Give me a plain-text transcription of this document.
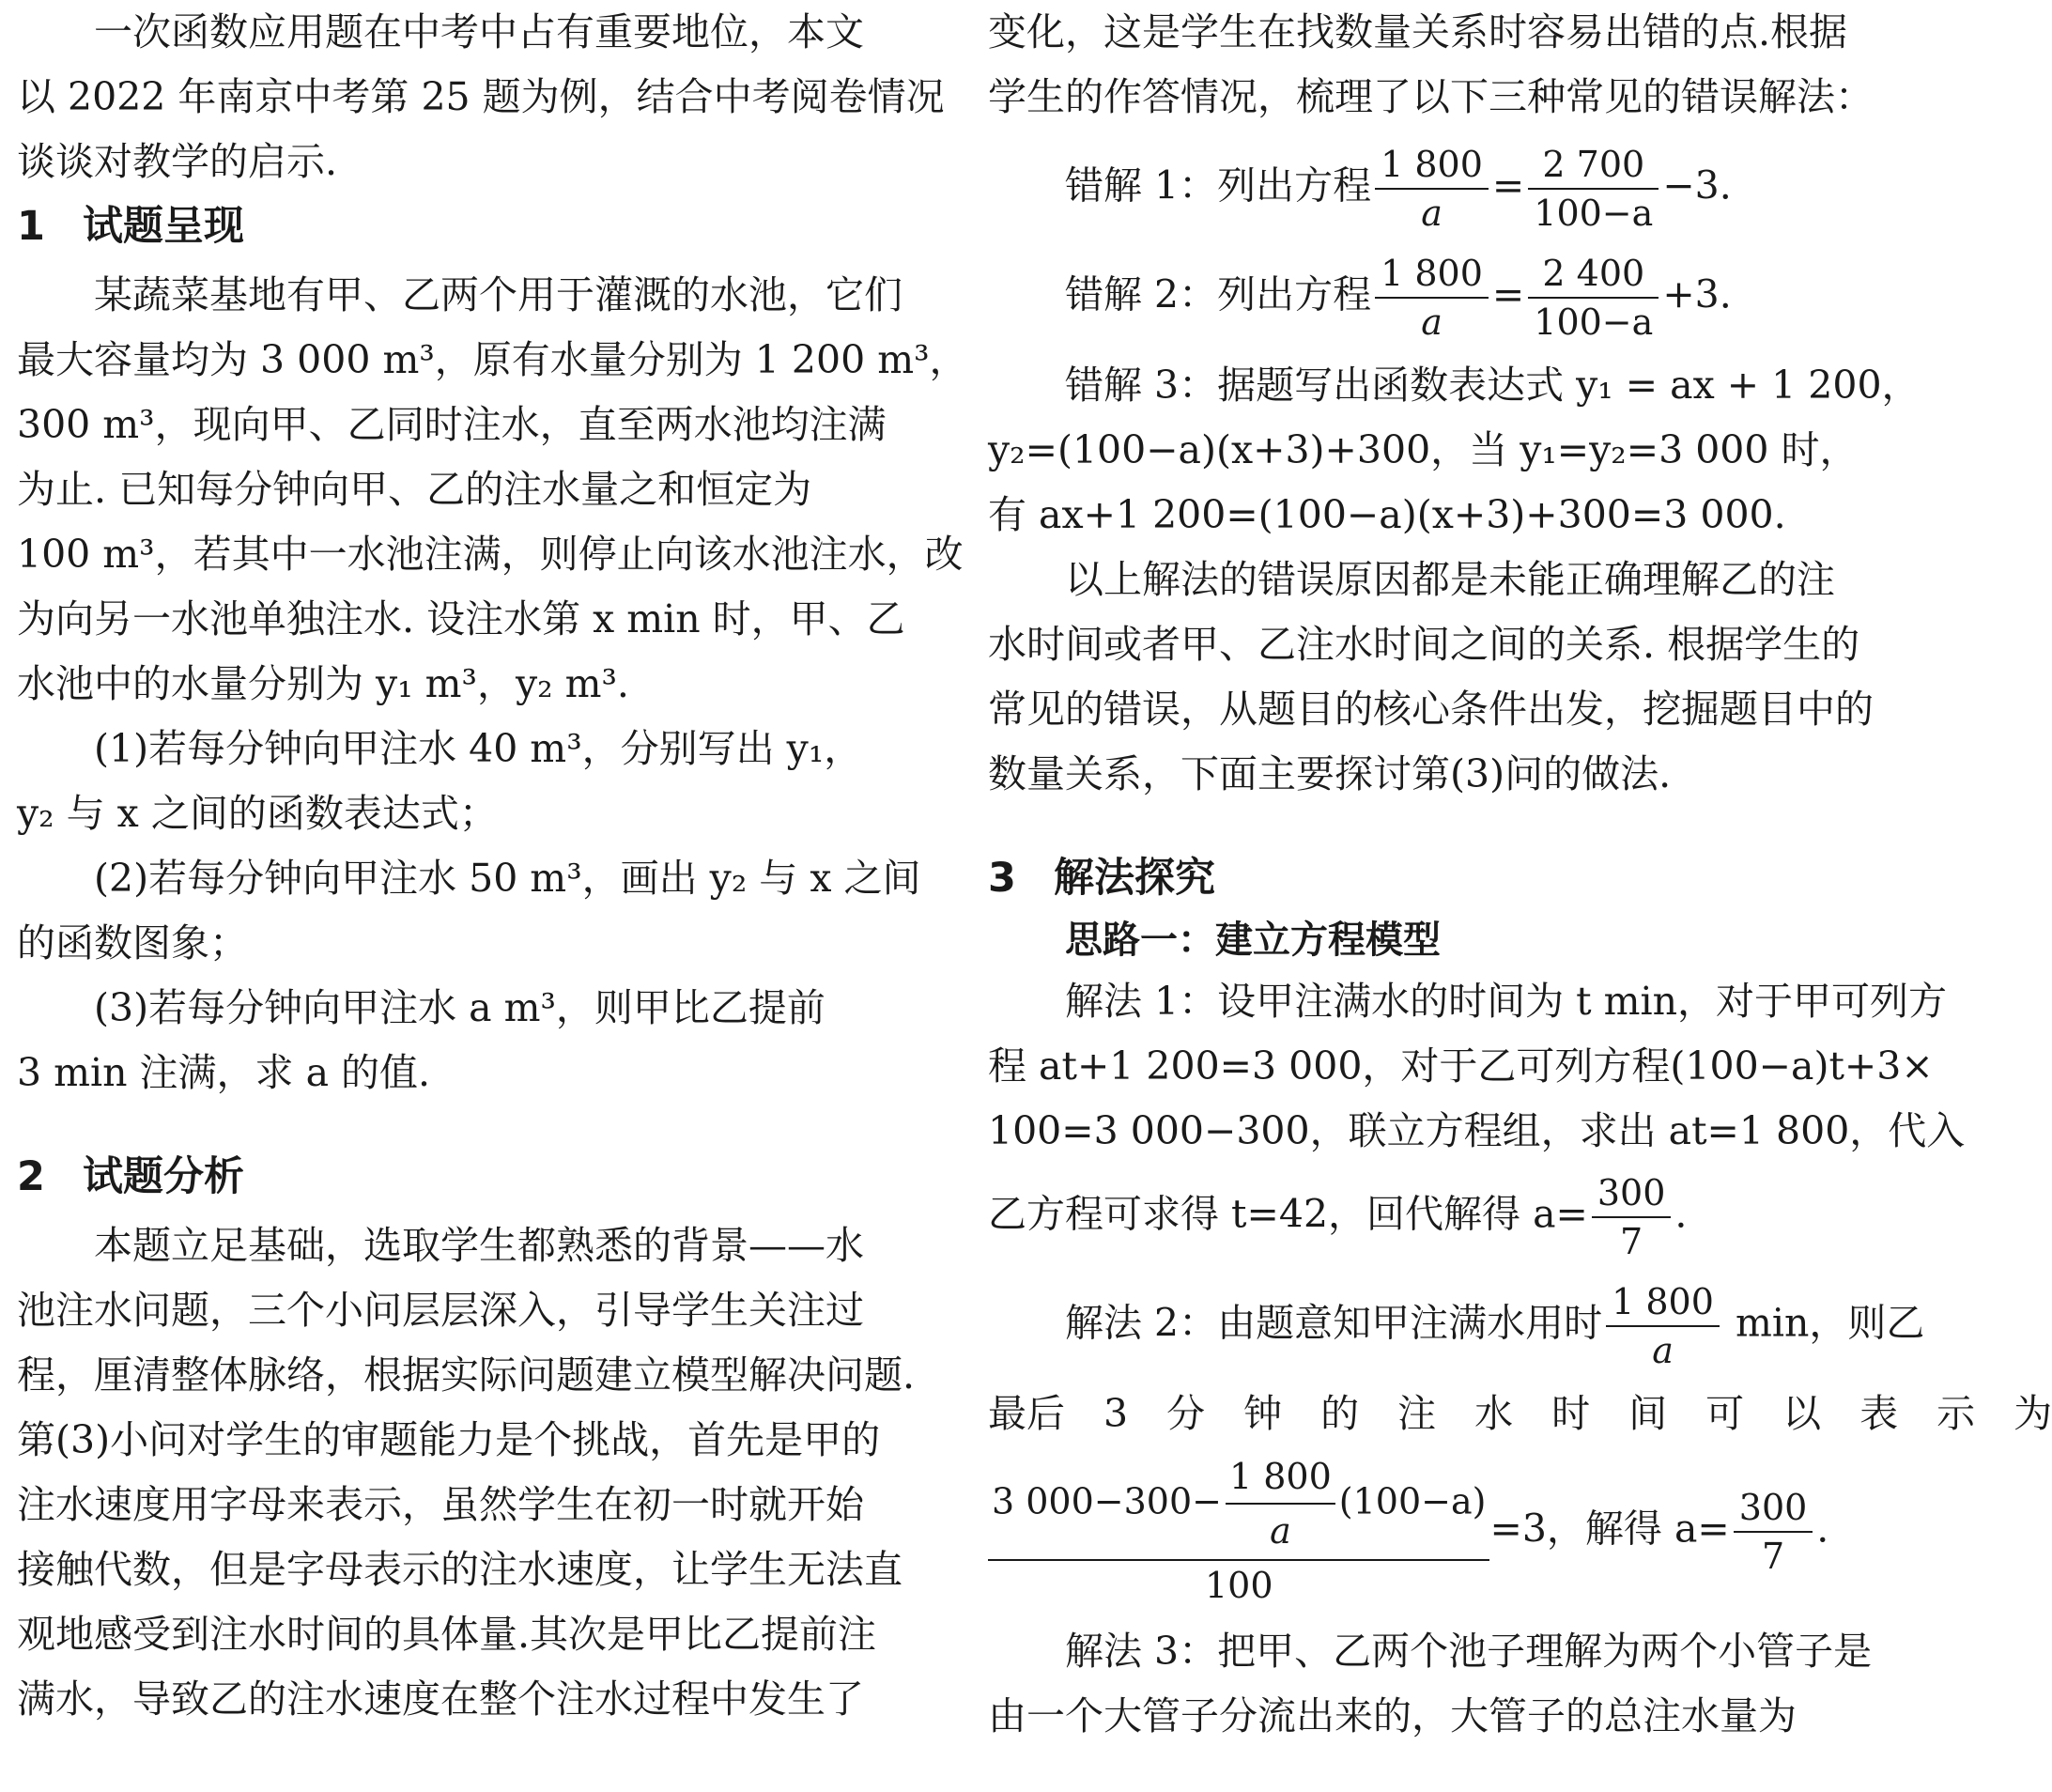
一次函数应用题在中考中占有重要地位，本文
以 2022 年南京中考第 25 题为例，结合中考阅卷情况
谈谈对教学的启示.
1 试题呈现
某蔬菜基地有甲、乙两个用于灌溉的水池，它们
最大容量均为 3 000 m³，原有水量分别为 1 200 m³，
300 m³，现向甲、乙同时注水，直至两水池均注满
为止. 已知每分钟向甲、乙的注水量之和恒定为
100 m³，若其中一水池注满，则停止向该水池注水，改
为向另一水池单独注水. 设注水第 x min 时，甲、乙
水池中的水量分别为 y₁ m³，y₂ m³.
(1)若每分钟向甲注水 40 m³，分别写出 y₁，
y₂ 与 x 之间的函数表达式；
(2)若每分钟向甲注水 50 m³，画出 y₂ 与 x 之间
的函数图象；
(3)若每分钟向甲注水 a m³，则甲比乙提前
3 min 注满，求 a 的值.
2 试题分析
本题立足基础，选取学生都熟悉的背景——水
池注水问题，三个小问层层深入，引导学生关注过
程，厘清整体脉络，根据实际问题建立模型解决问题.
第(3)小问对学生的审题能力是个挑战，首先是甲的
注水速度用字母来表示，虽然学生在初一时就开始
接触代数，但是字母表示的注水速度，让学生无法直
观地感受到注水时间的具体量.其次是甲比乙提前注
满水，导致乙的注水速度在整个注水过程中发生了
变化，这是学生在找数量关系时容易出错的点.根据
学生的作答情况，梳理了以下三种常见的错误解法：
错解 1：列出方程 $\frac{1 800}{a} = \frac{2 700}{100-a} -3$.
错解 2：列出方程 $\frac{1 800}{a} = \frac{2 400}{100-a} +3$.
错解 3：据题写出函数表达式 y₁ = ax + 1 200，
y₂=(100−a)(x+3)+300，当 y₁=y₂=3 000 时，
有 ax+1 200=(100−a)(x+3)+300=3 000.
以上解法的错误原因都是未能正确理解乙的注
水时间或者甲、乙注水时间之间的关系. 根据学生的
常见的错误，从题目的核心条件出发，挖掘题目中的
数量关系，下面主要探讨第(3)问的做法.
3 解法探究
思路一：建立方程模型
解法 1：设甲注满水的时间为 t min，对于甲可列方
程 at+1 200=3 000，对于乙可列方程(100−a)t+3×
100=3 000−300，联立方程组，求出 at=1 800，代入
乙方程可求得 t=42，回代解得 $a= \frac{300}{7}$ .
解法 2：由题意知甲注满水用时 $\frac{1 800}{a}$ min，则乙
最后　3　分　钟　的　注　水　时　间　可　以　表　示　为
$\frac{3 000-300- \frac{1 800}{a} (100-a)}{100} =3$，解得 $a= \frac{300}{7}$ .
解法 3：把甲、乙两个池子理解为两个小管子是
由一个大管子分流出来的，大管子的总注水量为
